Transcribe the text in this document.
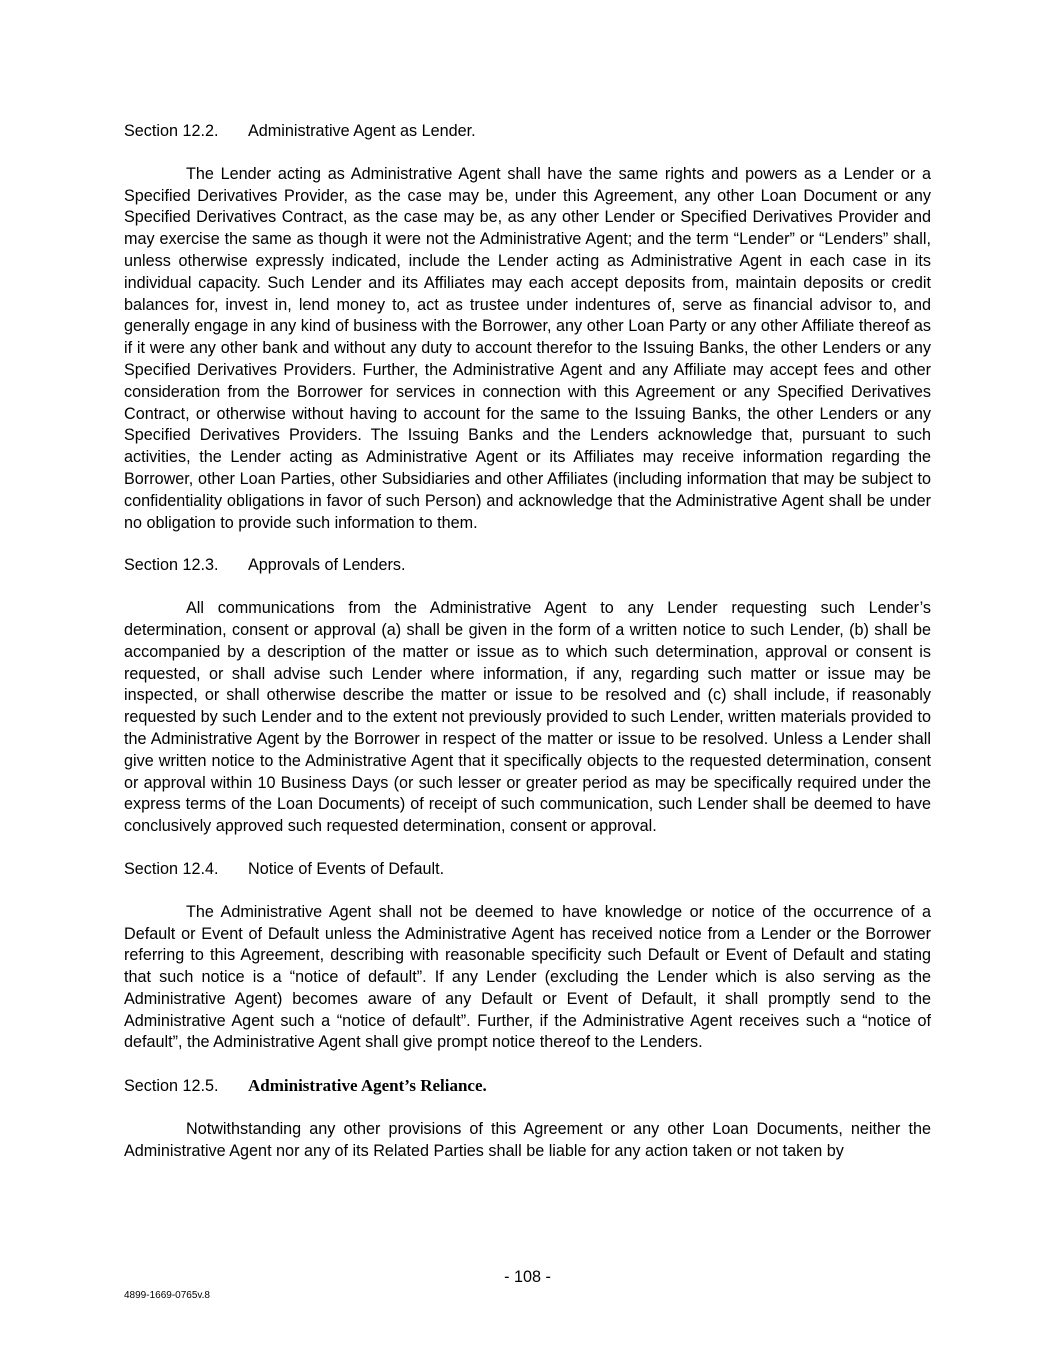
Section 12.2. Administrative Agent as Lender.

The Lender acting as Administrative Agent shall have the same rights and powers as a Lender or a Specified Derivatives Provider, as the case may be, under this Agreement, any other Loan Document or any Specified Derivatives Contract, as the case may be, as any other Lender or Specified Derivatives Provider and may exercise the same as though it were not the Administrative Agent; and the term “Lender” or “Lenders” shall, unless otherwise expressly indicated, include the Lender acting as Administrative Agent in each case in its individual capacity. Such Lender and its Affiliates may each accept deposits from, maintain deposits or credit balances for, invest in, lend money to, act as trustee under indentures of, serve as financial advisor to, and generally engage in any kind of business with the Borrower, any other Loan Party or any other Affiliate thereof as if it were any other bank and without any duty to account therefor to the Issuing Banks, the other Lenders or any Specified Derivatives Providers. Further, the Administrative Agent and any Affiliate may accept fees and other consideration from the Borrower for services in connection with this Agreement or any Specified Derivatives Contract, or otherwise without having to account for the same to the Issuing Banks, the other Lenders or any Specified Derivatives Providers. The Issuing Banks and the Lenders acknowledge that, pursuant to such activities, the Lender acting as Administrative Agent or its Affiliates may receive information regarding the Borrower, other Loan Parties, other Subsidiaries and other Affiliates (including information that may be subject to confidentiality obligations in favor of such Person) and acknowledge that the Administrative Agent shall be under no obligation to provide such information to them.

Section 12.3. Approvals of Lenders.

All communications from the Administrative Agent to any Lender requesting such Lender’s determination, consent or approval (a) shall be given in the form of a written notice to such Lender, (b) shall be accompanied by a description of the matter or issue as to which such determination, approval or consent is requested, or shall advise such Lender where information, if any, regarding such matter or issue may be inspected, or shall otherwise describe the matter or issue to be resolved and (c) shall include, if reasonably requested by such Lender and to the extent not previously provided to such Lender, written materials provided to the Administrative Agent by the Borrower in respect of the matter or issue to be resolved. Unless a Lender shall give written notice to the Administrative Agent that it specifically objects to the requested determination, consent or approval within 10 Business Days (or such lesser or greater period as may be specifically required under the express terms of the Loan Documents) of receipt of such communication, such Lender shall be deemed to have conclusively approved such requested determination, consent or approval.

Section 12.4. Notice of Events of Default.

The Administrative Agent shall not be deemed to have knowledge or notice of the occurrence of a Default or Event of Default unless the Administrative Agent has received notice from a Lender or the Borrower referring to this Agreement, describing with reasonable specificity such Default or Event of Default and stating that such notice is a “notice of default”. If any Lender (excluding the Lender which is also serving as the Administrative Agent) becomes aware of any Default or Event of Default, it shall promptly send to the Administrative Agent such a “notice of default”. Further, if the Administrative Agent receives such a “notice of default”, the Administrative Agent shall give prompt notice thereof to the Lenders.

Section 12.5. Administrative Agent’s Reliance.

Notwithstanding any other provisions of this Agreement or any other Loan Documents, neither the Administrative Agent nor any of its Related Parties shall be liable for any action taken or not taken by

- 108 -
4899-1669-0765v.8
